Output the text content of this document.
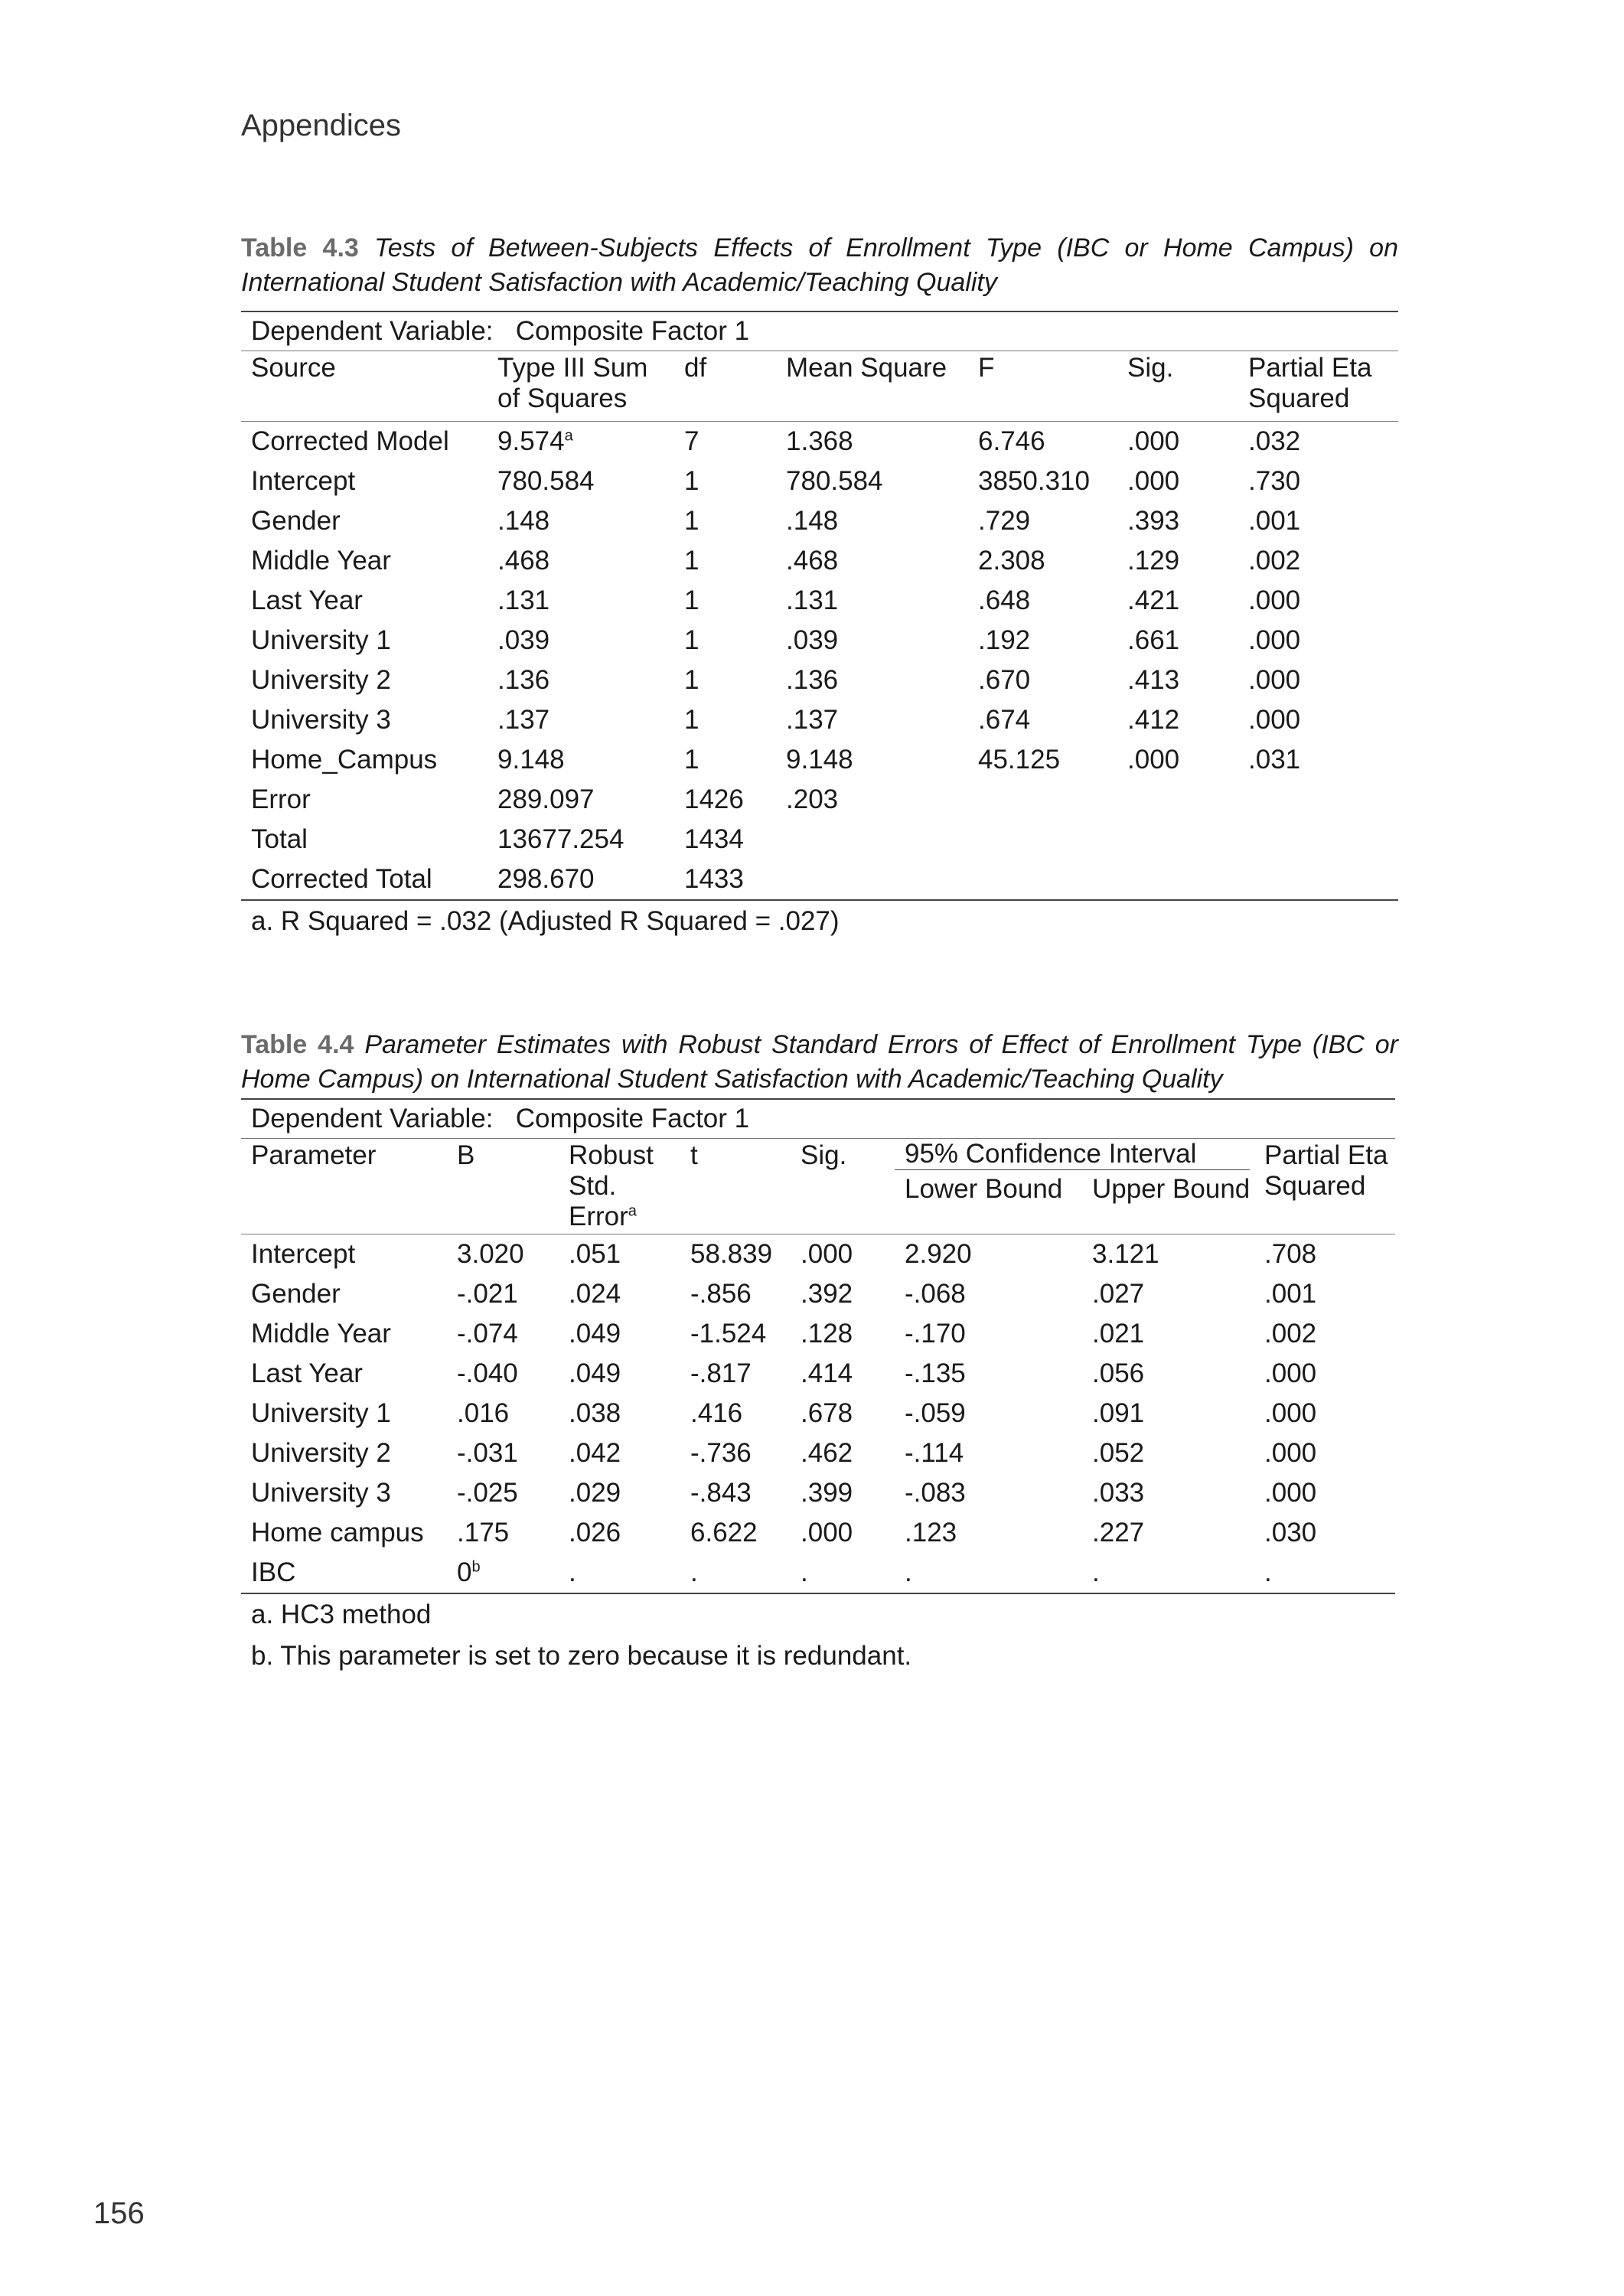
Appendices
Table 4.3 Tests of Between-Subjects Effects of Enrollment Type (IBC or Home Campus) on International Student Satisfaction with Academic/Teaching Quality
Dependent Variable: Composite Factor 1						
Source	Type III Sum of Squares	df	Mean Square	F	Sig.	Partial Eta Squared
Corrected Model	9.574$^a$	7	1.368	6.746	.000	.032
Intercept	780.584	1	780.584	3850.310	.000	.730
Gender	.148	1	.148	.729	.393	.001
Middle Year	.468	1	.468	2.308	.129	.002
Last Year	.131	1	.131	.648	.421	.000
University 1	.039	1	.039	.192	.661	.000
University 2	.136	1	.136	.670	.413	.000
University 3	.137	1	.137	.674	.412	.000
Home_Campus	9.148	1	9.148	45.125	.000	.031
Error	289.097	1426	.203			
Total	13677.254	1434				
Corrected Total	298.670	1433				
a. R Squared = .032 (Adjusted R Squared = .027)						
Table 4.4 Parameter Estimates with Robust Standard Errors of Effect of Enrollment Type (IBC or Home Campus) on International Student Satisfaction with Academic/Teaching Quality
Dependent Variable: Composite Factor 1							
Parameter	B	Robust Std. Error$^a$	t	Sig.	95% Confidence Interval		Partial Eta Squared
					Lower Bound	Upper Bound	
Intercept	3.020	.051	58.839	.000	2.920	3.121	.708
Gender	-.021	.024	-.856	.392	-.068	.027	.001
Middle Year	-.074	.049	-1.524	.128	-.170	.021	.002
Last Year	-.040	.049	-.817	.414	-.135	.056	.000
University 1	.016	.038	.416	.678	-.059	.091	.000
University 2	-.031	.042	-.736	.462	-.114	.052	.000
University 3	-.025	.029	-.843	.399	-.083	.033	.000
Home campus	.175	.026	6.622	.000	.123	.227	.030
IBC	0$^b$	.	.	.	.	.	.
a. HC3 method							
b. This parameter is set to zero because it is redundant.							
156
